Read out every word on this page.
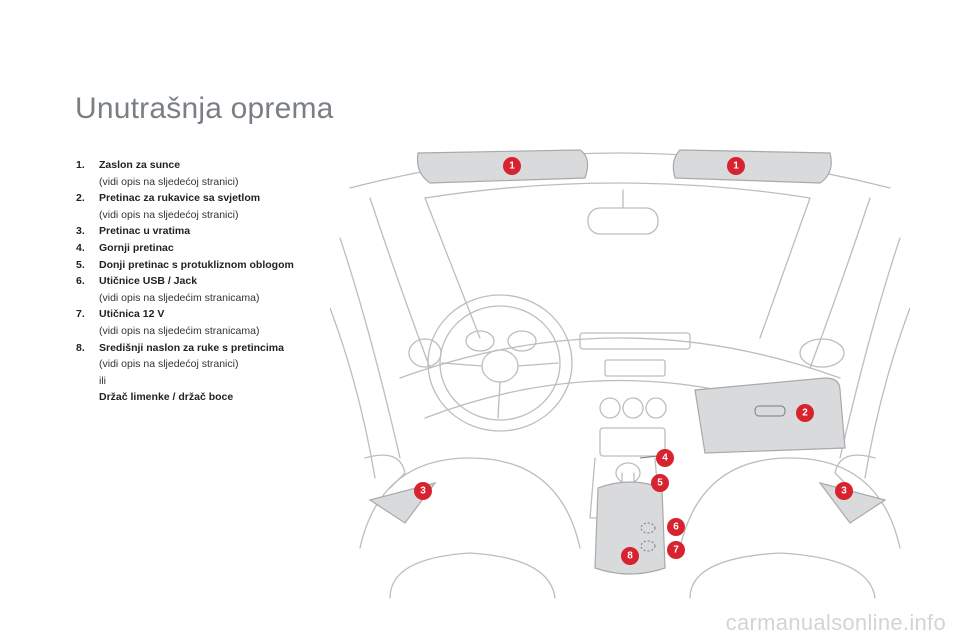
Unutrašnja oprema
1. Zaslon za sunce
(vidi opis na sljedećoj stranici)
2. Pretinac za rukavice sa svjetlom
(vidi opis na sljedećoj stranici)
3. Pretinac u vratima
4. Gornji pretinac
5. Donji pretinac s protukliznom oblogom
6. Utičnice USB / Jack
(vidi opis na sljedećim stranicama)
7. Utičnica 12 V
(vidi opis na sljedećim stranicama)
8. Središnji naslon za ruke s pretincima
(vidi opis na sljedećoj stranici)
ili
Držač limenke / držač boce
1	1
2
3	3
4
5
6
7
8
carmanualsonline.info
